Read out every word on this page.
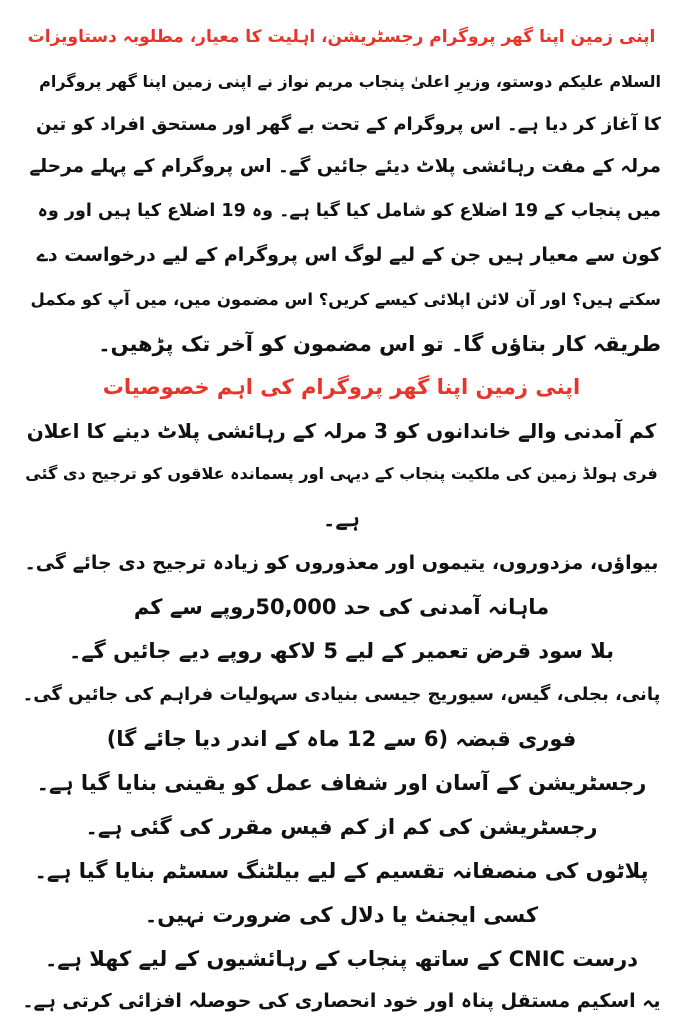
اپنی زمین اپنا گھر پروگرام رجسٹریشن، اہلیت کا معیار، مطلوبہ دستاویزات
السلام علیکم دوستو، وزیرِ اعلیٰ پنجاب مریم نواز نے اپنی زمین اپنا گھر پروگرام
کا آغاز کر دیا ہے۔ اس پروگرام کے تحت بے گھر اور مستحق افراد کو تین
مرلہ کے مفت رہائشی پلاٹ دیئے جائیں گے۔ اس پروگرام کے پہلے مرحلے
میں پنجاب کے 19 اضلاع کو شامل کیا گیا ہے۔ وہ 19 اضلاع کیا ہیں اور وہ
کون سے معیار ہیں جن کے لیے لوگ اس پروگرام کے لیے درخواست دے
سکتے ہیں؟ اور آن لائن اپلائی کیسے کریں؟ اس مضمون میں، میں آپ کو مکمل
طریقہ کار بتاؤں گا۔ تو اس مضمون کو آخر تک پڑھیں۔
اپنی زمین اپنا گھر پروگرام کی اہم خصوصیات
کم آمدنی والے خاندانوں کو 3 مرلہ کے رہائشی پلاٹ دینے کا اعلان
فری ہولڈ زمین کی ملکیت پنجاب کے دیہی اور پسماندہ علاقوں کو ترجیح دی گئی
ہے۔
بیواؤں، مزدوروں، یتیموں اور معذوروں کو زیادہ ترجیح دی جائے گی۔
ماہانہ آمدنی کی حد 50,000روپے سے کم
بلا سود قرض تعمیر کے لیے 5 لاکھ روپے دیے جائیں گے۔
پانی، بجلی، گیس، سیوریج جیسی بنیادی سہولیات فراہم کی جائیں گی۔
فوری قبضہ (6 سے 12 ماہ کے اندر دیا جائے گا)
رجسٹریشن کے آسان اور شفاف عمل کو یقینی بنایا گیا ہے۔
رجسٹریشن کی کم از کم فیس مقرر کی گئی ہے۔
پلاٹوں کی منصفانہ تقسیم کے لیے بیلٹنگ سسٹم بنایا گیا ہے۔
کسی ایجنٹ یا دلال کی ضرورت نہیں۔
درست CNIC کے ساتھ پنجاب کے رہائشیوں کے لیے کھلا ہے۔
یہ اسکیم مستقل پناہ اور خود انحصاری کی حوصلہ افزائی کرتی ہے۔
